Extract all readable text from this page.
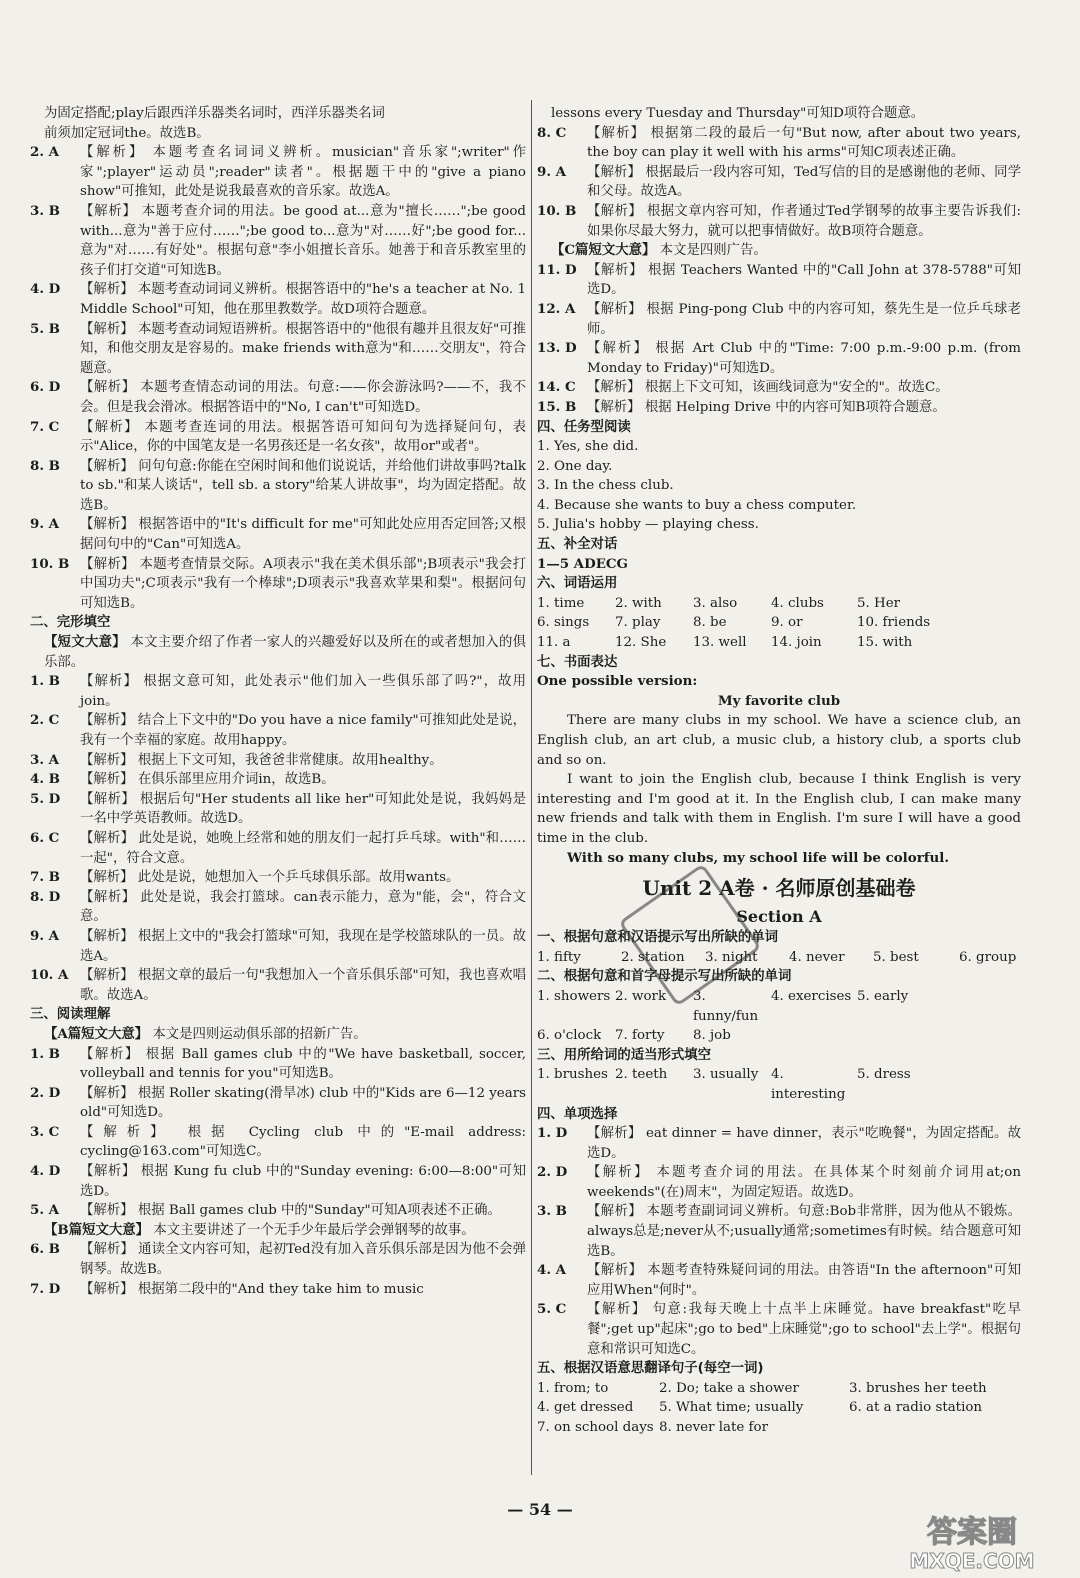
为固定搭配;play后跟西洋乐器类名词时，西洋乐器类名词
前须加定冠词the。故选B。
2. A	【解析】 本题考查名词词义辨析。musician"音乐家";writer"作家";player"运动员";reader"读者"。根据题干中的"give a piano show"可推知，此处是说我最喜欢的音乐家。故选A。
3. B	【解析】 本题考查介词的用法。be good at...意为"擅长……";be good with...意为"善于应付……";be good to...意为"对……好";be good for...意为"对……有好处"。根据句意"李小姐擅长音乐。她善于和音乐教室里的孩子们打交道"可知选B。
4. D	【解析】 本题考查动词词义辨析。根据答语中的"he's a teacher at No. 1 Middle School"可知，他在那里教数学。故D项符合题意。
5. B	【解析】 本题考查动词短语辨析。根据答语中的"他很有趣并且很友好"可推知，和他交朋友是容易的。make friends with意为"和……交朋友"，符合题意。
6. D	【解析】 本题考查情态动词的用法。句意:——你会游泳吗?——不，我不会。但是我会滑冰。根据答语中的"No, I can't"可知选D。
7. C	【解析】 本题考查连词的用法。根据答语可知问句为选择疑问句，表示"Alice，你的中国笔友是一名男孩还是一名女孩"，故用or"或者"。
8. B	【解析】 问句句意:你能在空闲时间和他们说说话，并给他们讲故事吗?talk to sb."和某人谈话"，tell sb. a story"给某人讲故事"，均为固定搭配。故选B。
9. A	【解析】 根据答语中的"It's difficult for me"可知此处应用否定回答;又根据问句中的"Can"可知选A。
10. B 【解析】 本题考查情景交际。A项表示"我在美术俱乐部";B项表示"我会打中国功夫";C项表示"我有一个棒球";D项表示"我喜欢苹果和梨"。根据问句可知选B。
二、完形填空
【短文大意】 本文主要介绍了作者一家人的兴趣爱好以及所在的或者想加入的俱乐部。
1. B	【解析】 根据文意可知，此处表示"他们加入一些俱乐部了吗?"，故用join。
2. C	【解析】 结合上下文中的"Do you have a nice family"可推知此处是说，我有一个幸福的家庭。故用happy。
3. A	【解析】 根据上下文可知，我爸爸非常健康。故用healthy。
4. B	【解析】 在俱乐部里应用介词in，故选B。
5. D	【解析】 根据后句"Her students all like her"可知此处是说，我妈妈是一名中学英语教师。故选D。
6. C	【解析】 此处是说，她晚上经常和她的朋友们一起打乒乓球。with"和……一起"，符合文意。
7. B	【解析】 此处是说，她想加入一个乒乓球俱乐部。故用wants。
8. D	【解析】 此处是说，我会打篮球。can表示能力，意为"能，会"，符合文意。
9. A	【解析】 根据上文中的"我会打篮球"可知，我现在是学校篮球队的一员。故选A。
10. A 【解析】 根据文章的最后一句"我想加入一个音乐俱乐部"可知，我也喜欢唱歌。故选A。
三、阅读理解
【A篇短文大意】 本文是四则运动俱乐部的招新广告。
1. B	【解析】 根据 Ball games club 中的"We have basketball, soccer, volleyball and tennis for you"可知选B。
2. D	【解析】 根据 Roller skating(滑旱冰) club 中的"Kids are 6—12 years old"可知选D。
3. C	【解析】 根据 Cycling club 中的"E-mail address: cycling@163.com"可知选C。
4. D	【解析】 根据 Kung fu club 中的"Sunday evening: 6:00—8:00"可知选D。
5. A	【解析】 根据 Ball games club 中的"Sunday"可知A项表述不正确。
【B篇短文大意】 本文主要讲述了一个无手少年最后学会弹钢琴的故事。
6. B	【解析】 通读全文内容可知，起初Ted没有加入音乐俱乐部是因为他不会弹钢琴。故选B。
7. D	【解析】 根据第二段中的"And they take him to music
lessons every Tuesday and Thursday"可知D项符合题意。
8. C	【解析】 根据第二段的最后一句"But now, after about two years, the boy can play it well with his arms"可知C项表述正确。
9. A	【解析】 根据最后一段内容可知，Ted写信的目的是感谢他的老师、同学和父母。故选A。
10. B 【解析】 根据文章内容可知，作者通过Ted学钢琴的故事主要告诉我们:如果你尽最大努力，就可以把事情做好。故B项符合题意。
【C篇短文大意】 本文是四则广告。
11. D 【解析】 根据 Teachers Wanted 中的"Call John at 378-5788"可知选D。
12. A 【解析】 根据 Ping-pong Club 中的内容可知，蔡先生是一位乒乓球老师。
13. D 【解析】 根据 Art Club 中的"Time: 7:00 p.m.-9:00 p.m. (from Monday to Friday)"可知选D。
14. C 【解析】 根据上下文可知，该画线词意为"安全的"。故选C。
15. B 【解析】 根据 Helping Drive 中的内容可知B项符合题意。
四、任务型阅读
1. Yes, she did.
2. One day.
3. In the chess club.
4. Because she wants to buy a chess computer.
5. Julia's hobby — playing chess.
五、补全对话
1—5 ADECG
六、词语运用
1. time	2. with	3. also	4. clubs	5. Her
6. sings	7. play	8. be	9. or	10. friends
11. a	12. She	13. well	14. join	15. with
七、书面表达
One possible version:
My favorite club

There are many clubs in my school. We have a science club, an English club, an art club, a music club, a history club, a sports club and so on.

I want to join the English club, because I think English is very interesting and I'm good at it. In the English club, I can make many new friends and talk with them in English. I'm sure I will have a good time in the club.

With so many clubs, my school life will be colorful.

Unit 2 A卷 · 名师原创基础卷
Section A
一、根据句意和汉语提示写出所缺的单词
1. fifty	2. station	3. night	4. never	5. best	6. group
二、根据句意和首字母提示写出所缺的单词
1. showers 2. work	3. funny/fun
4. exercises 5. early
6. o'clock	7. forty	8. job
三、用所给词的适当形式填空
1. brushes 2. teeth	3. usually 4. interesting
5. dress
四、单项选择
1. D	【解析】 eat dinner = have dinner，表示"吃晚餐"，为固定搭配。故选D。
2. D	【解析】 本题考查介词的用法。在具体某个时刻前介词用at;on weekends"(在)周末"，为固定短语。故选D。
3. B	【解析】 本题考查副词词义辨析。句意:Bob非常胖，因为他从不锻炼。always总是;never从不;usually通常;sometimes有时候。结合题意可知选B。
4. A	【解析】 本题考查特殊疑问词的用法。由答语"In the afternoon"可知应用When"何时"。
5. C	【解析】 句意:我每天晚上十点半上床睡觉。have breakfast"吃早餐";get up"起床";go to bed"上床睡觉";go to school"去上学"。根据句意和常识可知选C。
五、根据汉语意思翻译句子(每空一词)
1. from; to	2. Do; take a shower	3. brushes her teeth
4. get dressed	5. What time; usually	6. at a radio station
7. on school days 8. never late for
— 54 —
答案圈
MXQE.COM
